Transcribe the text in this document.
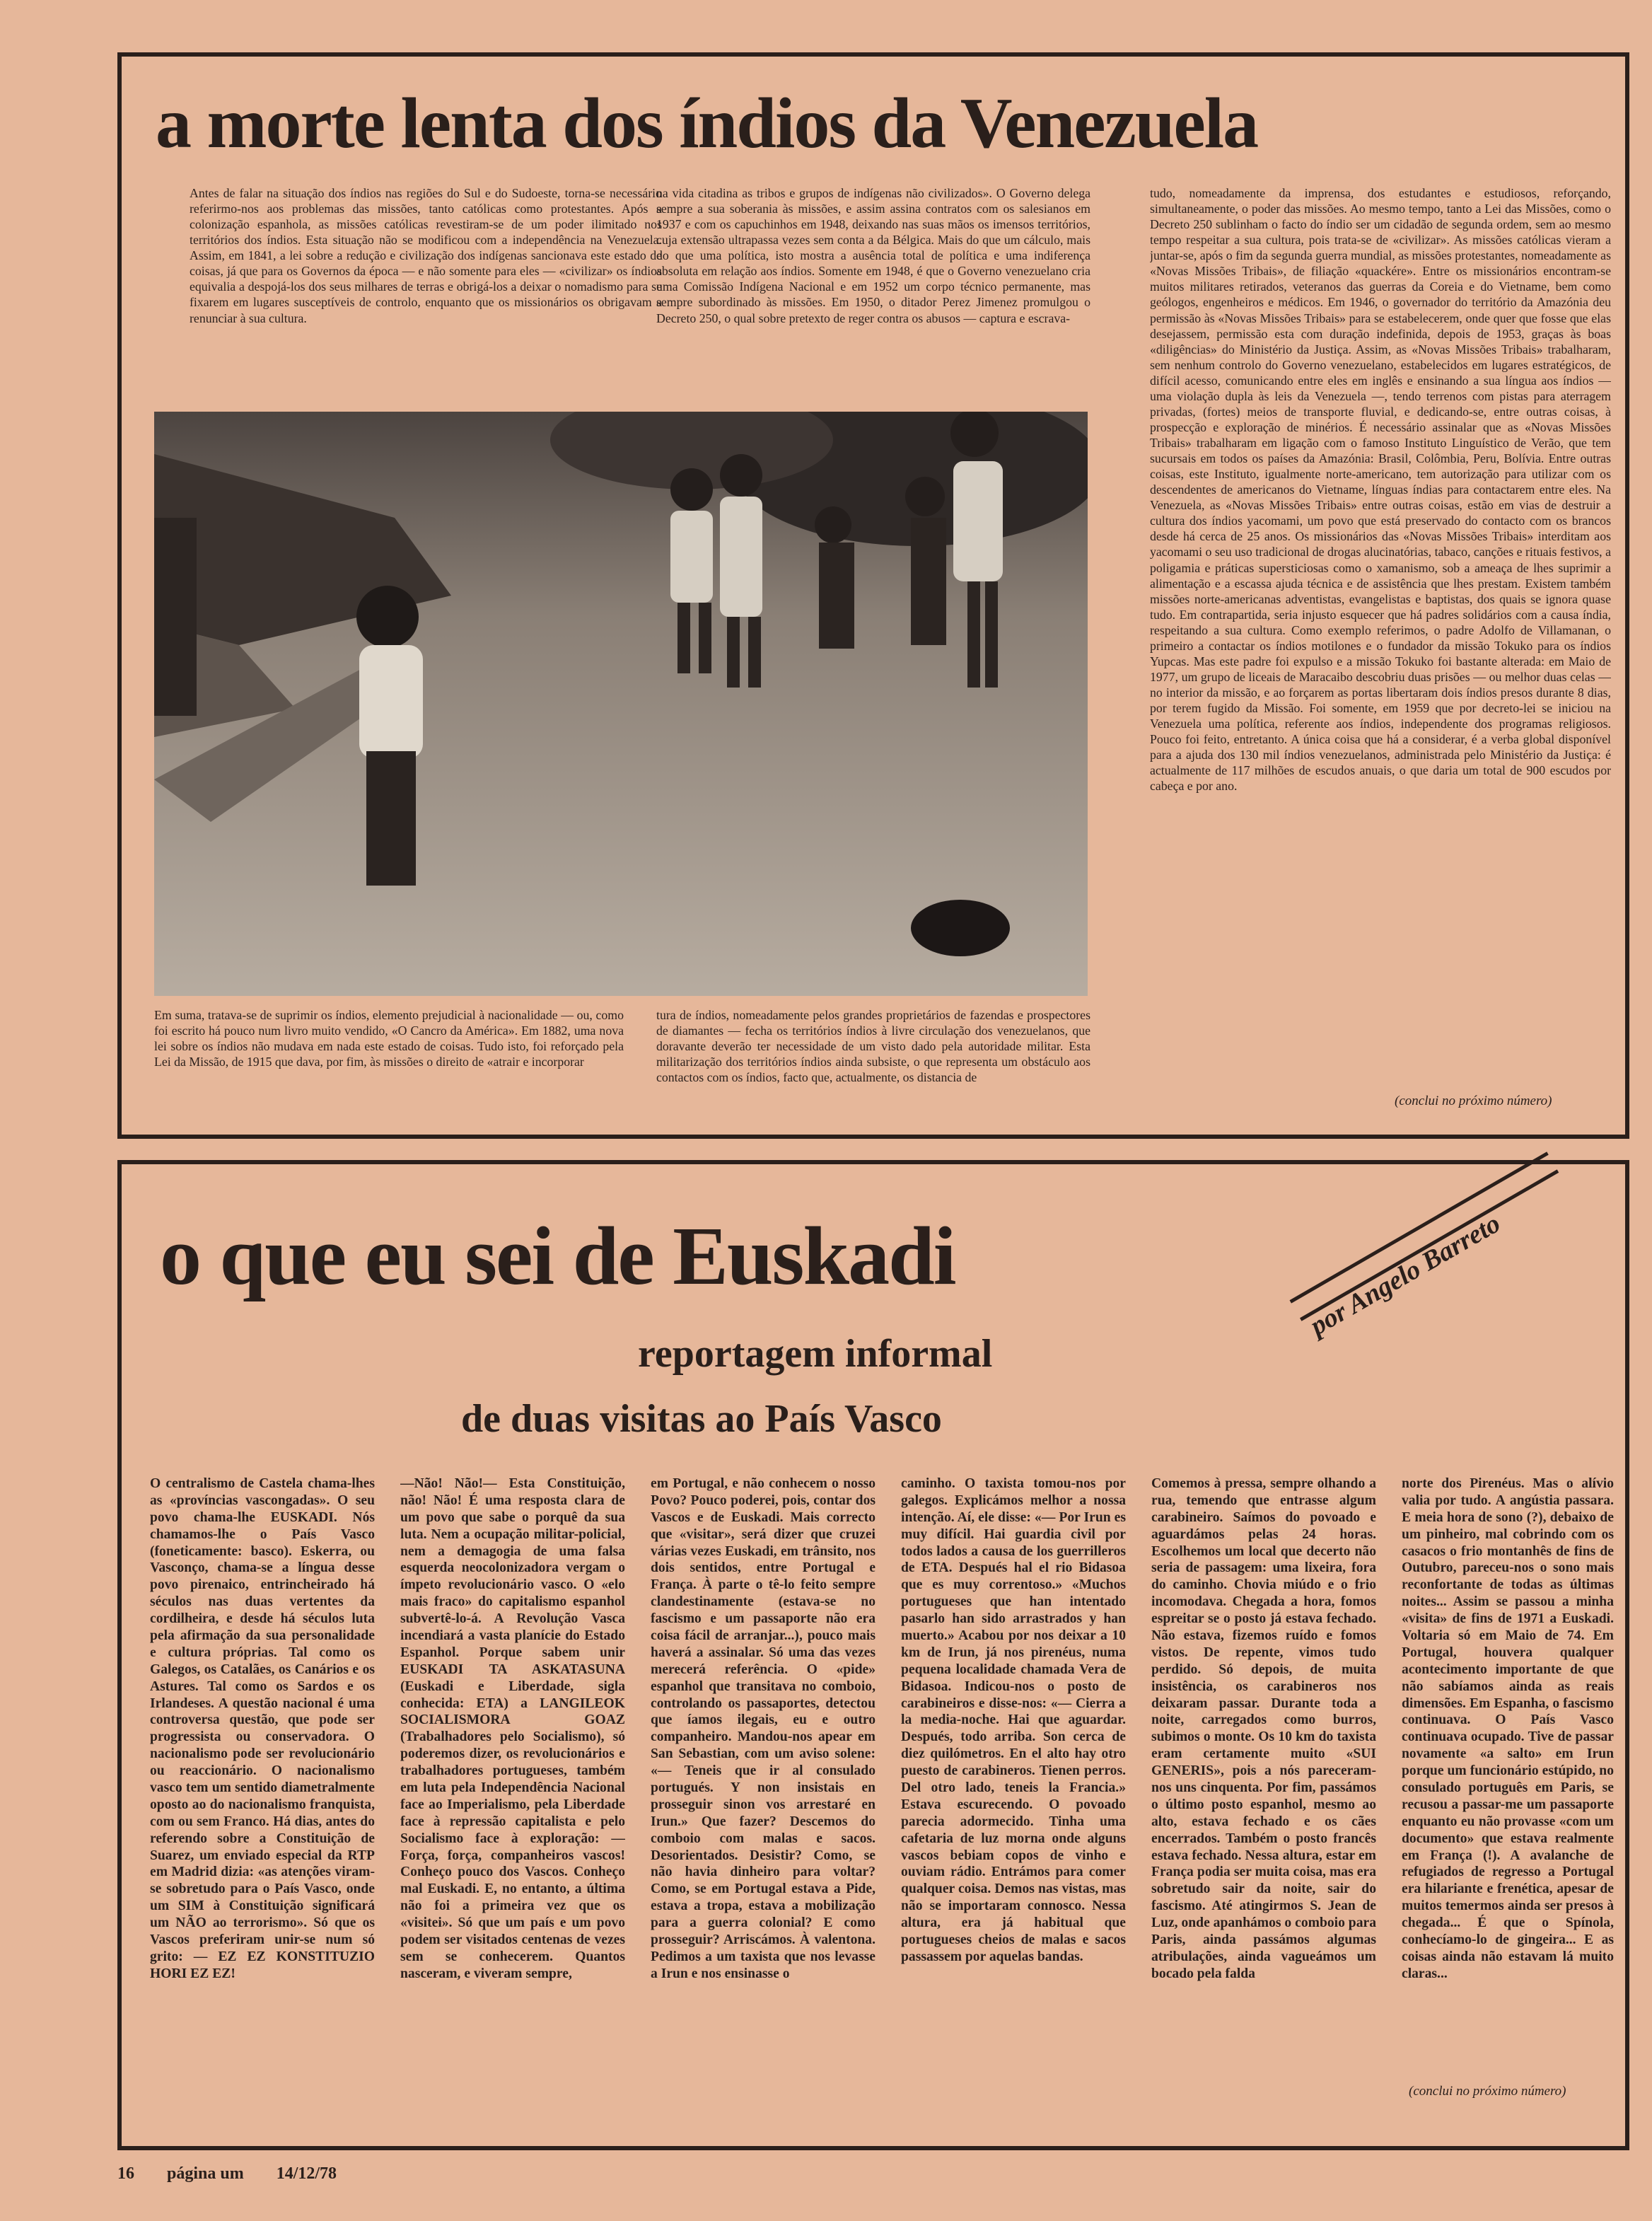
a morte lenta dos índios da Venezuela
Antes de falar na situação dos índios nas regiões do Sul e do Sudoeste, torna-se necessário referirmo-nos aos problemas das missões, tanto católicas como protestantes. Após a colonização espanhola, as missões católicas revestiram-se de um poder ilimitado nos territórios dos índios. Esta situação não se modificou com a independência na Venezuela. Assim, em 1841, a lei sobre a redução e civilização dos indígenas sancionava este estado de coisas, já que para os Governos da época — e não somente para eles — «civilizar» os índios equivalia a despojá-los dos seus milhares de terras e obrigá-los a deixar o nomadismo para se fixarem em lugares susceptíveis de controlo, enquanto que os missionários os obrigavam a renunciar à sua cultura.
na vida citadina as tribos e grupos de indígenas não civilizados». O Governo delega sempre a sua soberania às missões, e assim assina contratos com os salesianos em 1937 e com os capuchinhos em 1948, deixando nas suas mãos os imensos territórios, cuja extensão ultrapassa vezes sem conta a da Bélgica. Mais do que um cálculo, mais do que uma política, isto mostra a ausência total de política e uma indiferença absoluta em relação aos índios. Somente em 1948, é que o Governo venezuelano cria uma Comissão Indígena Nacional e em 1952 um corpo técnico permanente, mas sempre subordinado às missões. Em 1950, o ditador Perez Jimenez promulgou o Decreto 250, o qual sobre pretexto de reger contra os abusos — captura e escrava-
Em suma, tratava-se de suprimir os índios, elemento prejudicial à nacionalidade — ou, como foi escrito há pouco num livro muito vendido, «O Cancro da América». Em 1882, uma nova lei sobre os índios não mudava em nada este estado de coisas. Tudo isto, foi reforçado pela Lei da Missão, de 1915 que dava, por fim, às missões o direito de «atrair e incorporar
tura de índios, nomeadamente pelos grandes proprietários de fazendas e prospectores de diamantes — fecha os territórios índios à livre circulação dos venezuelanos, que doravante deverão ter necessidade de um visto dado pela autoridade militar. Esta militarização dos territórios índios ainda subsiste, o que representa um obstáculo aos contactos com os índios, facto que, actualmente, os distancia de
tudo, nomeadamente da imprensa, dos estudantes e estudiosos, reforçando, simultaneamente, o poder das missões. Ao mesmo tempo, tanto a Lei das Missões, como o Decreto 250 sublinham o facto do índio ser um cidadão de segunda ordem, sem ao mesmo tempo respeitar a sua cultura, pois trata-se de «civilizar». As missões católicas vieram a juntar-se, após o fim da segunda guerra mundial, as missões protestantes, nomeadamente as «Novas Missões Tribais», de filiação «quackére». Entre os missionários encontram-se muitos militares retirados, veteranos das guerras da Coreia e do Vietname, bem como geólogos, engenheiros e médicos. Em 1946, o governador do território da Amazónia deu permissão às «Novas Missões Tribais» para se estabelecerem, onde quer que fosse que elas desejassem, permissão esta com duração indefinida, depois de 1953, graças às boas «diligências» do Ministério da Justiça. Assim, as «Novas Missões Tribais» trabalharam, sem nenhum controlo do Governo venezuelano, estabelecidos em lugares estratégicos, de difícil acesso, comunicando entre eles em inglês e ensinando a sua língua aos índios — uma violação dupla às leis da Venezuela —, tendo terrenos com pistas para aterragem privadas, (fortes) meios de transporte fluvial, e dedicando-se, entre outras coisas, à prospecção e exploração de minérios. É necessário assinalar que as «Novas Missões Tribais» trabalharam em ligação com o famoso Instituto Linguístico de Verão, que tem sucursais em todos os países da Amazónia: Brasil, Colômbia, Peru, Bolívia. Entre outras coisas, este Instituto, igualmente norte-americano, tem autorização para utilizar com os descendentes de americanos do Vietname, línguas índias para contactarem entre eles. Na Venezuela, as «Novas Missões Tribais» entre outras coisas, estão em vias de destruir a cultura dos índios yacomami, um povo que está preservado do contacto com os brancos desde há cerca de 25 anos. Os missionários das «Novas Missões Tribais» interditam aos yacomami o seu uso tradicional de drogas alucinatórias, tabaco, canções e rituais festivos, a poligamia e práticas supersticiosas como o xamanismo, sob a ameaça de lhes suprimir a alimentação e a escassa ajuda técnica e de assistência que lhes prestam. Existem também missões norte-americanas adventistas, evangelistas e baptistas, dos quais se ignora quase tudo. Em contrapartida, seria injusto esquecer que há padres solidários com a causa índia, respeitando a sua cultura. Como exemplo referimos, o padre Adolfo de Villamanan, o primeiro a contactar os índios motilones e o fundador da missão Tokuko para os índios Yupcas. Mas este padre foi expulso e a missão Tokuko foi bastante alterada: em Maio de 1977, um grupo de liceais de Maracaibo descobriu duas prisões — ou melhor duas celas — no interior da missão, e ao forçarem as portas libertaram dois índios presos durante 8 dias, por terem fugido da Missão. Foi somente, em 1959 que por decreto-lei se iniciou na Venezuela uma política, referente aos índios, independente dos programas religiosos. Pouco foi feito, entretanto. A única coisa que há a considerar, é a verba global disponível para a ajuda dos 130 mil índios venezuelanos, administrada pelo Ministério da Justiça: é actualmente de 117 milhões de escudos anuais, o que daria um total de 900 escudos por cabeça e por ano.
(conclui no próximo número)
o que eu sei de Euskadi
reportagem informal
de duas visitas ao País Vasco
por Angelo Barreto
O centralismo de Castela chama-lhes as «províncias vascongadas». O seu povo chama-lhe EUSKADI. Nós chamamos-lhe o País Vasco (foneticamente: basco). Eskerra, ou Vasconço, chama-se a língua desse povo pirenaico, entrincheirado há séculos nas duas vertentes da cordilheira, e desde há séculos luta pela afirmação da sua personalidade e cultura próprias. Tal como os Galegos, os Catalães, os Canários e os Astures. Tal como os Sardos e os Irlandeses. A questão nacional é uma controversa questão, que pode ser progressista ou conservadora. O nacionalismo pode ser revolucionário ou reaccionário. O nacionalismo vasco tem um sentido diametralmente oposto ao do nacionalismo franquista, com ou sem Franco. Há dias, antes do referendo sobre a Constituição de Suarez, um enviado especial da RTP em Madrid dizia: «as atenções viram-se sobretudo para o País Vasco, onde um SIM à Constituição significará um NÃO ao terrorismo». Só que os Vascos preferiram unir-se num só grito: — EZ EZ KONSTITUZIO HORI EZ EZ!
—Não! Não!— Esta Constituição, não! Não! É uma resposta clara de um povo que sabe o porquê da sua luta. Nem a ocupação militar-policial, nem a demagogia de uma falsa esquerda neocolonizadora vergam o ímpeto revolucionário vasco. O «elo mais fraco» do capitalismo espanhol subvertê-lo-á. A Revolução Vasca incendiará a vasta planície do Estado Espanhol. Porque sabem unir EUSKADI TA ASKATASUNA (Euskadi e Liberdade, sigla conhecida: ETA) a LANGILEOK SOCIALISMORA GOAZ (Trabalhadores pelo Socialismo), só poderemos dizer, os revolucionários e trabalhadores portugueses, também em luta pela Independência Nacional face ao Imperialismo, pela Liberdade face à repressão capitalista e pelo Socialismo face à exploração: — Força, força, companheiros vascos! Conheço pouco dos Vascos. Conheço mal Euskadi. E, no entanto, a última não foi a primeira vez que os «visitei». Só que um país e um povo podem ser visitados centenas de vezes sem se conhecerem. Quantos nasceram, e viveram sempre,
em Portugal, e não conhecem o nosso Povo? Pouco poderei, pois, contar dos Vascos e de Euskadi. Mais correcto que «visitar», será dizer que cruzei várias vezes Euskadi, em trânsito, nos dois sentidos, entre Portugal e França. À parte o tê-lo feito sempre clandestinamente (estava-se no fascismo e um passaporte não era coisa fácil de arranjar...), pouco mais haverá a assinalar. Só uma das vezes merecerá referência. O «pide» espanhol que transitava no comboio, controlando os passaportes, detectou que íamos ilegais, eu e outro companheiro. Mandou-nos apear em San Sebastian, com um aviso solene: «— Teneis que ir al consulado portugués. Y non insistais en prosseguir sinon vos arrestaré en Irun.» Que fazer? Descemos do comboio com malas e sacos. Desorientados. Desistir? Como, se não havia dinheiro para voltar? Como, se em Portugal estava a Pide, estava a tropa, estava a mobilização para a guerra colonial? E como prosseguir? Arriscámos. À valentona. Pedimos a um taxista que nos levasse a Irun e nos ensinasse o
caminho. O taxista tomou-nos por galegos. Explicámos melhor a nossa intenção. Aí, ele disse: «— Por Irun es muy difícil. Hai guardia civil por todos lados a causa de los guerrilleros de ETA. Después hal el rio Bidasoa que es muy correntoso.» «Muchos portugueses que han intentado pasarlo han sido arrastrados y han muerto.» Acabou por nos deixar a 10 km de Irun, já nos pirenéus, numa pequena localidade chamada Vera de Bidasoa. Indicou-nos o posto de carabineiros e disse-nos: «— Cierra a la media-noche. Hai que aguardar. Después, todo arriba. Son cerca de diez quilómetros. En el alto hay otro puesto de carabineros. Tienen perros. Del otro lado, teneis la Francia.» Estava escurecendo. O povoado parecia adormecido. Tinha uma cafetaria de luz morna onde alguns vascos bebiam copos de vinho e ouviam rádio. Entrámos para comer qualquer coisa. Demos nas vistas, mas não se importaram connosco. Nessa altura, era já habitual que portugueses cheios de malas e sacos passassem por aquelas bandas.
Comemos à pressa, sempre olhando a rua, temendo que entrasse algum carabineiro. Saímos do povoado e aguardámos pelas 24 horas. Escolhemos um local que decerto não seria de passagem: uma lixeira, fora do caminho. Chovia miúdo e o frio incomodava. Chegada a hora, fomos espreitar se o posto já estava fechado. Não estava, fizemos ruído e fomos vistos. De repente, vimos tudo perdido. Só depois, de muita insistência, os carabineros nos deixaram passar. Durante toda a noite, carregados como burros, subimos o monte. Os 10 km do taxista eram certamente muito «SUI GENERIS», pois a nós pareceram-nos uns cinquenta. Por fim, passámos o último posto espanhol, mesmo ao alto, estava fechado e os cães encerrados. Também o posto francês estava fechado. Nessa altura, estar em França podia ser muita coisa, mas era sobretudo sair da noite, sair do fascismo. Até atingirmos S. Jean de Luz, onde apanhámos o comboio para Paris, ainda passámos algumas atribulações, ainda vagueámos um bocado pela falda
norte dos Pirenéus. Mas o alívio valia por tudo. A angústia passara. E meia hora de sono (?), debaixo de um pinheiro, mal cobrindo com os casacos o frio montanhês de fins de Outubro, pareceu-nos o sono mais reconfortante de todas as últimas noites... Assim se passou a minha «visita» de fins de 1971 a Euskadi. Voltaria só em Maio de 74. Em Portugal, houvera qualquer acontecimento importante de que não sabíamos ainda as reais dimensões. Em Espanha, o fascismo continuava. O País Vasco continuava ocupado. Tive de passar novamente «a salto» em Irun porque um funcionário estúpido, no consulado português em Paris, se recusou a passar-me um passaporte enquanto eu não provasse «com um documento» que estava realmente em França (!). A avalanche de refugiados de regresso a Portugal era hilariante e frenética, apesar de muitos temermos ainda ser presos à chegada... É que o Spínola, conhecíamo-lo de gingeira... E as coisas ainda não estavam lá muito claras...
(conclui no próximo número)
16 página um 14/12/78
